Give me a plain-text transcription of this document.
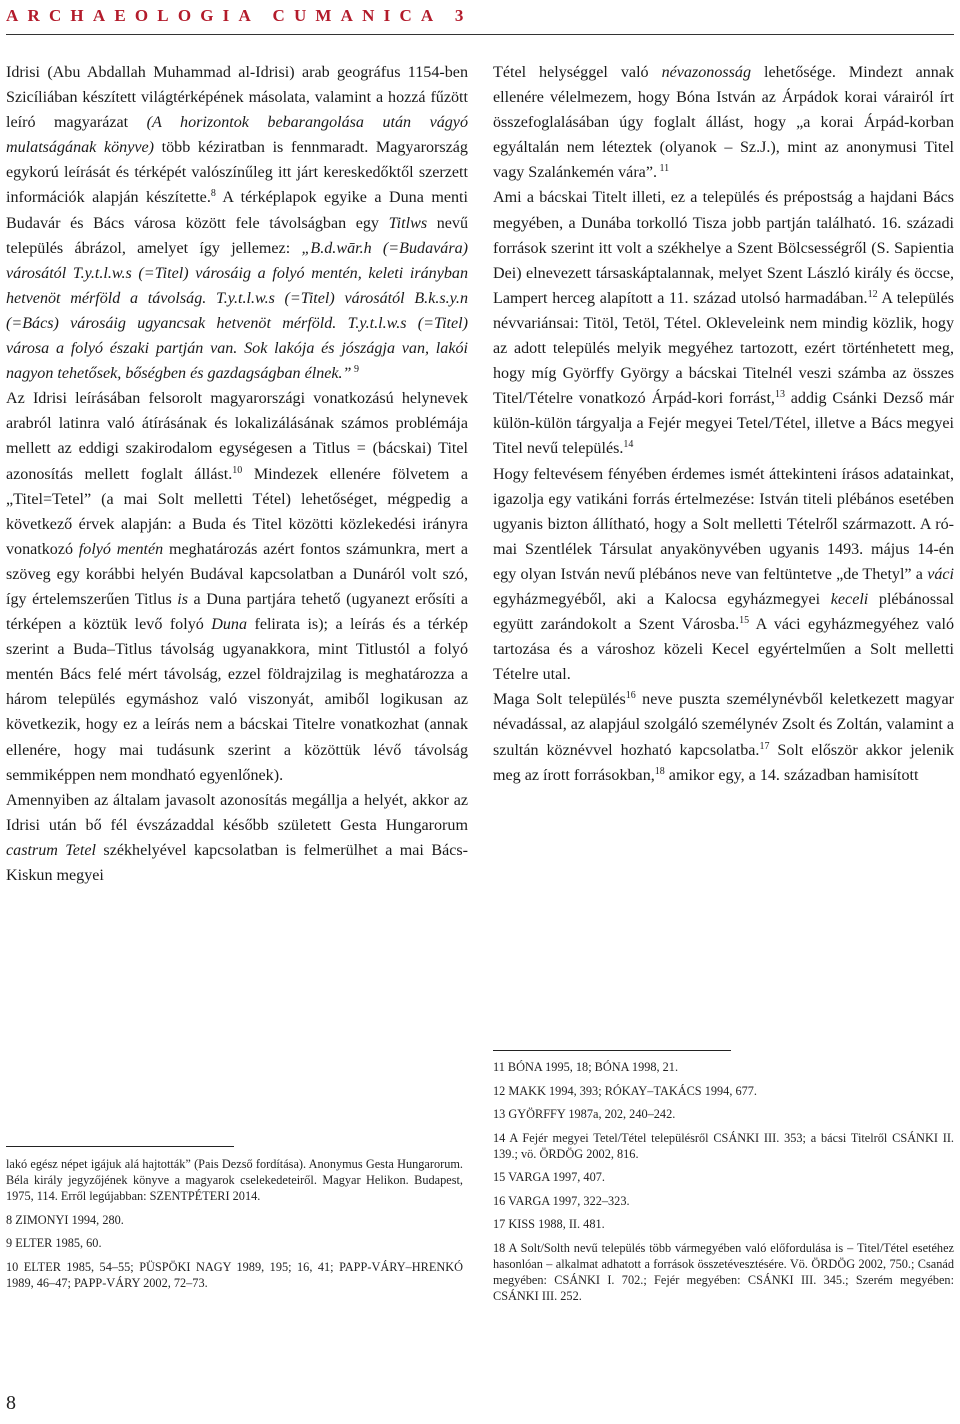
ARCHAEOLOGIA CUMANICA 3

Idrisi (Abu Abdallah Muhammad al-Idrisi) arab geográfus 1154-ben Szicíliában készített világtérképének másolata, valamint a hozzá fűzött leíró magyarázat (A horizontok bebarangolása után vágyó mulatságának könyve) több kéziratban is fennmaradt. Magyarország egykorú leírását és térképét valószínűleg itt járt kereskedőktől szerzett információk alapján készítette.$^8$ A térképlapok egyike a Duna menti Budavár és Bács városa között fele távolságban egy Titlws nevű település ábrázol, amelyet így jellemez: „B.d.wār.h (=Budavára) városától T.y.t.l.w.s (=Titel) városáig a folyó mentén, keleti irányban hetvenöt mérföld a távolság. T.y.t.l.w.s (=Titel) városától B.k.s.y.n (=Bács) városáig ugyancsak hetvenöt mérföld. T.y.t.l.w.s (=Titel) városa a folyó északi partján van. Sok lakója és jószágja van, lakói nagyon tehetősek, bőségben és gazdagságban élnek.” $^9$

Az Idrisi leírásában felsorolt magyarországi vonatkozású helynevek arabról latinra való átírásának és lokalizálásának számos problémája mellett az eddigi szakirodalom egységesen a Titlus = (bácskai) Titel azonosítás mellett foglalt állást.$^{10}$ Mindezek ellenére fölvetem a „Titel=Tetel” (a mai Solt melletti Tétel) lehetőséget, mégpedig a következő érvek alapján: a Buda és Titel közötti közlekedési irányra vonatkozó folyó mentén meghatározás azért fontos számunkra, mert a szöveg egy korábbi helyén Budával kapcsolatban a Dunáról volt szó, így értelemszerűen Titlus is a Duna partjára tehető (ugyanezt erősíti a térképen a köztük levő folyó Duna felirata is); a leírás és a térkép szerint a Buda–Titlus távolság ugyanakkora, mint Titlustól a folyó mentén Bács felé mért távolság, ezzel földrajzilag is meghatározza a három település egymáshoz való viszonyát, amiből logikusan az következik, hogy ez a leírás nem a bácskai Titelre vonatkozhat (annak ellenére, hogy mai tudásunk szerint a közöttük lévő távolság semmiképpen nem mondható egyenlőnek).

Amennyiben az általam javasolt azonosítás megállja a helyét, akkor az Idrisi után bő fél évszázaddal később született Gesta Hungarorum castrum Tetel székhelyével kapcsolatban is felmerülhet a mai Bács-Kiskun megyei

lakó egész népet igájuk alá hajtották” (Pais Dezső fordítása). Anonymus Gesta Hungarorum. Béla király jegyzőjének könyve a magyarok cselekedeteiről. Magyar Helikon. Budapest, 1975, 114. Erről legújabban: SZENTPÉTERI 2014.

8 ZIMONYI 1994, 280.

9 ELTER 1985, 60.

10 ELTER 1985, 54–55; PÜSPÖKI NAGY 1989, 195; 16, 41; PAPP-VÁRY–HRENKÓ 1989, 46–47; PAPP-VÁRY 2002, 72–73.

Tétel helységgel való névazonosság lehetősége. Mindezt annak ellenére vélelmezem, hogy Bóna István az Árpádok korai várairól írt összefoglalásában úgy foglalt állást, hogy „a korai Árpád-korban egyáltalán nem léteztek (olyanok – Sz.J.), mint az anonymusi Titel vagy Szalánkemén vára”. $^{11}$

Ami a bácskai Titelt illeti, ez a település és prépostság a hajdani Bács megyében, a Dunába torkolló Tisza jobb partján található. 16. századi források szerint itt volt a székhelye a Szent Bölcsességről (S. Sapientia Dei) elnevezett társaskáptalannak, melyet Szent László király és öccse, Lampert herceg alapított a 11. század utolsó harmadában.$^{12}$ A település névvariánsai: Titöl, Tetöl, Tétel. Okleveleink nem mindig közlik, hogy az adott település melyik megyéhez tartozott, ezért történhetett meg, hogy míg Györffy György a bácskai Titelnél veszi számba az összes Titel/Tételre vonatkozó Árpád-kori forrást,$^{13}$ addig Csánki Dezső már külön-külön tárgyalja a Fejér megyei Tetel/Tétel, illetve a Bács megyei Titel nevű település.$^{14}$

Hogy feltevésem fényében érdemes ismét áttekinteni írásos adatainkat, igazolja egy vatikáni forrás értelmezése: István titeli plébános esetében ugyanis bizton állítható, hogy a Solt melletti Tételről származott. A római Szentlélek Társulat anyakönyvében ugyanis 1493. május 14-én egy olyan István nevű plébános neve van feltüntetve „de Thetyl” a váci egyházmegyéből, aki a Kalocsa egyházmegyei keceli plébánossal együtt zarándokolt a Szent Városba.$^{15}$ A váci egyházmegyéhez való tartozása és a városhoz közeli Kecel egyértelműen a Solt melletti Tételre utal.

Maga Solt település$^{16}$ neve puszta személynévből keletkezett magyar névadással, az alapjául szolgáló személynév Zsolt és Zoltán, valamint a szultán köznévvel hozható kapcsolatba.$^{17}$ Solt először akkor jelenik meg az írott forrásokban,$^{18}$ amikor egy, a 14. században hamisított

11 BÓNA 1995, 18; BÓNA 1998, 21.

12 MAKK 1994, 393; RÓKAY–TAKÁCS 1994, 677.

13 GYÖRFFY 1987a, 202, 240–242.

14 A Fejér megyei Tetel/Tétel településről CSÁNKI III. 353; a bácsi Titelről CSÁNKI II. 139.; vö. ÖRDÖG 2002, 816.

15 VARGA 1997, 407.

16 VARGA 1997, 322–323.

17 KISS 1988, II. 481.

18 A Solt/Solth nevű település több vármegyében való előfordulása is – Titel/Tétel esetéhez hasonlóan – alkalmat adhatott a források összetévesztésére. Vö. ÖRDÖG 2002, 750.; Csanád megyében: CSÁNKI I. 702.; Fejér megyében: CSÁNKI III. 345.; Szerém megyében: CSÁNKI III. 252.

8
